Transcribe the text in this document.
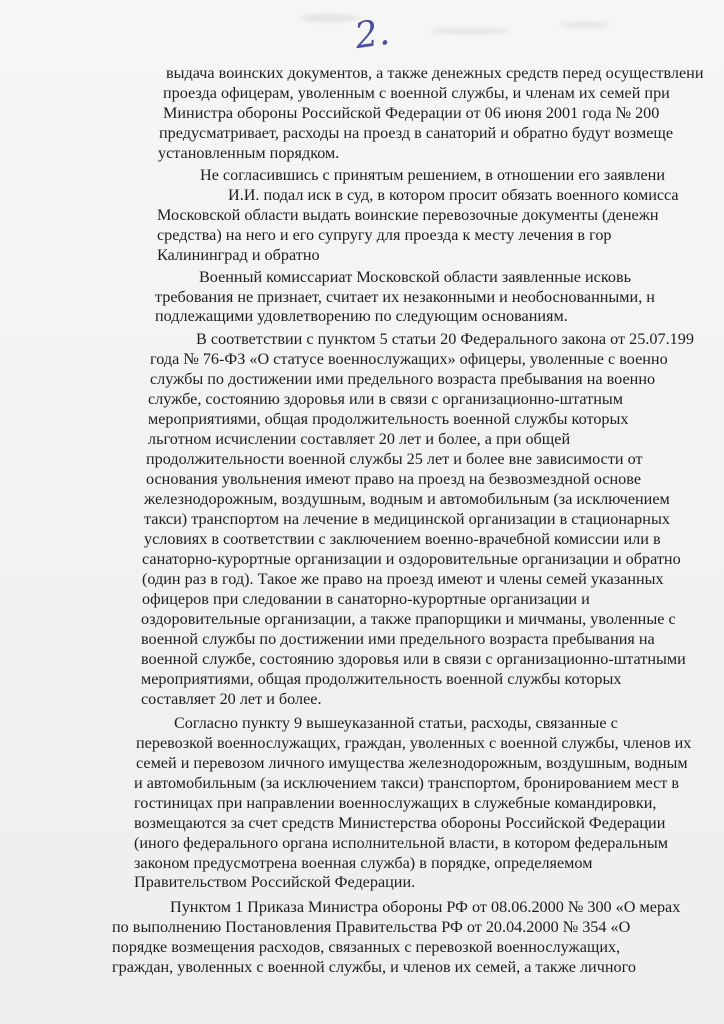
2.
выдача воинских документов, а также денежных средств перед осуществлени
проезда офицерам, уволенным с военной службы, и членам их семей при
Министра обороны Российской Федерации от 06 июня 2001 года № 200
предусматривает, расходы на проезд в санаторий и обратно будут возмеще
установленным порядком.
Не согласившись с принятым решением, в отношении его заявлени
И.И. подал иск в суд, в котором просит обязать военного комисса
Московской области выдать воинские перевозочные документы (денежн
средства) на него и его супругу для проезда к месту лечения в гор
Калининград и обратно
Военный комиссариат Московской области заявленные исковь
требования не признает, считает их незаконными и необоснованными, н
подлежащими удовлетворению по следующим основаниям.
В соответствии с пунктом 5 статьи 20 Федерального закона от 25.07.199
года № 76-ФЗ «О статусе военнослужащих» офицеры, уволенные с военно
службы по достижении ими предельного возраста пребывания на военно
службе, состоянию здоровья или в связи с организационно-штатным
мероприятиями, общая продолжительность военной службы которых
льготном исчислении составляет 20 лет и более, а при общей
продолжительности военной службы 25 лет и более вне зависимости от
основания увольнения имеют право на проезд на безвозмездной основе
железнодорожным, воздушным, водным и автомобильным (за исключением
такси) транспортом на лечение в медицинской организации в стационарных
условиях в соответствии с заключением военно-врачебной комиссии или в
санаторно-курортные организации и оздоровительные организации и обратно
(один раз в год). Такое же право на проезд имеют и члены семей указанных
офицеров при следовании в санаторно-курортные организации и
оздоровительные организации, а также прапорщики и мичманы, уволенные с
военной службы по достижении ими предельного возраста пребывания на
военной службе, состоянию здоровья или в связи с организационно-штатными
мероприятиями, общая продолжительность военной службы которых
составляет 20 лет и более.
Согласно пункту 9 вышеуказанной статьи, расходы, связанные с
перевозкой военнослужащих, граждан, уволенных с военной службы, членов их
семей и перевозом личного имущества железнодорожным, воздушным, водным
и автомобильным (за исключением такси) транспортом, бронированием мест в
гостиницах при направлении военнослужащих в служебные командировки,
возмещаются за счет средств Министерства обороны Российской Федерации
(иного федерального органа исполнительной власти, в котором федеральным
законом предусмотрена военная служба) в порядке, определяемом
Правительством Российской Федерации.
Пунктом 1 Приказа Министра обороны РФ от 08.06.2000 № 300 «О мерах
по выполнению Постановления Правительства РФ от 20.04.2000 № 354 «О
порядке возмещения расходов, связанных с перевозкой военнослужащих,
граждан, уволенных с военной службы, и членов их семей, а также личного
